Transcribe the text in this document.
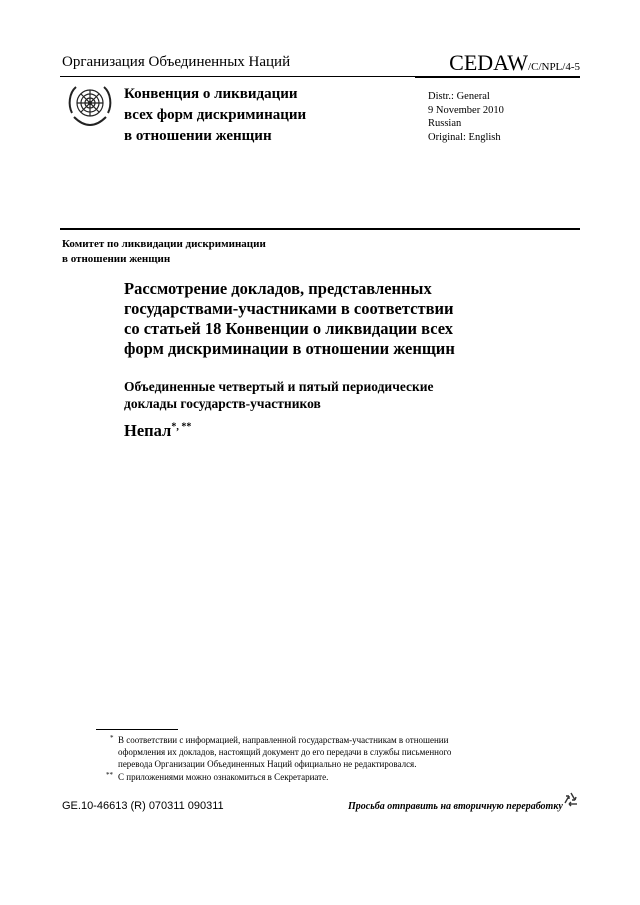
Организация Объединенных Наций	CEDAW/C/NPL/4-5
Конвенция о ликвидации
всех форм дискриминации
в отношении женщин
Distr.: General
9 November 2010
Russian
Original: English
Комитет по ликвидации дискриминации
в отношении женщин
Рассмотрение докладов, представленных
государствами-участниками в соответствии
со статьей 18 Конвенции о ликвидации всех
форм дискриминации в отношении женщин
Объединенные четвертый и пятый периодические
доклады государств-участников
Непал*, **
* В соответствии с информацией, направленной государствам-участникам в отношении
оформления их докладов, настоящий документ до его передачи в службы письменного
перевода Организации Объединенных Наций официально не редактировался.
** С приложениями можно ознакомиться в Секретариате.
GE.10-46613 (R) 070311 090311	Просьба отправить на вторичную переработку
